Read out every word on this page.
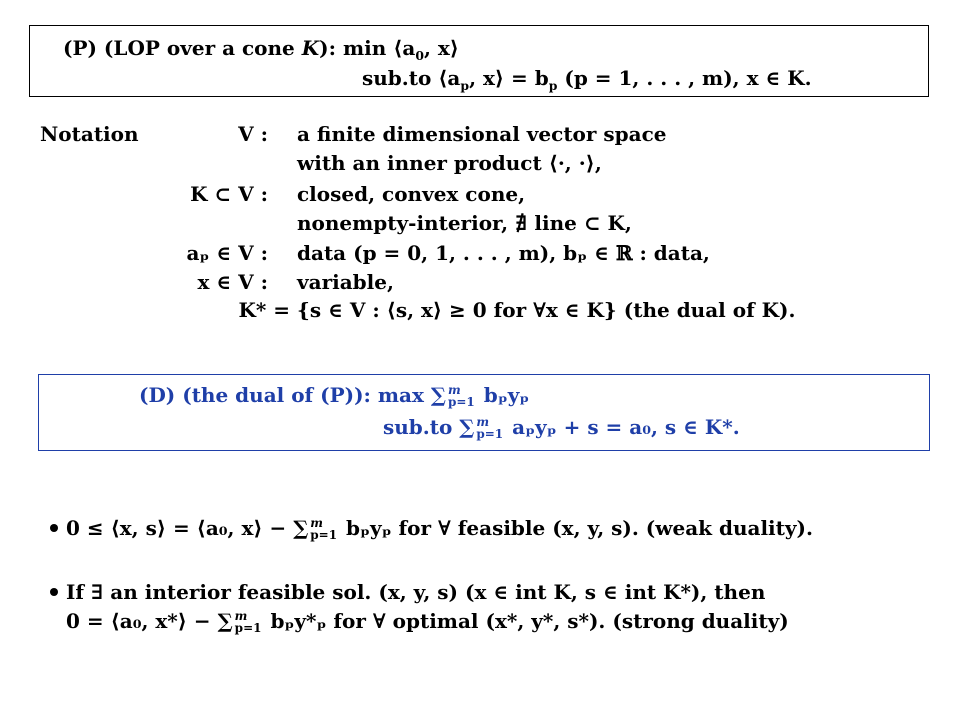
(P) (LOP over a cone K): $\min ⟨a_0$, x⟩
sub.to $⟨a_p$, x⟩ = $b_p$ (p = 1, . . . , m), x ∈ K.
Notation	V : a finite dimensional vector space
with an inner product ⟨·, ·⟩,
K ⊂ V : closed, convex cone,
nonempty-interior, ∄ line ⊂ K,
aₚ ∈ V : data (p = 0, 1, . . . , m), bₚ ∈ ℝ : data,
x ∈ V : variable,
K* = {s ∈ V : ⟨s, x⟩ ≥ 0 for ∀x ∈ K} (the dual of K).
(D) (the dual of (P)): max ∑ m
p=1 bₚyₚ
sub.to ∑ m
p=1 aₚyₚ + s = a₀, s ∈ K*.
0 ≤ ⟨x, s⟩ = ⟨a₀, x⟩ − ∑ m
p=1 bₚyₚ for ∀ feasible (x, y, s). (weak duality).
If ∃ an interior feasible sol. (x, y, s) (x ∈ int K, s ∈ int K*), then
0 = ⟨a₀, x*⟩ − ∑ m
p=1 bₚy*ₚ for ∀ optimal (x*, y*, s*). (strong duality)
